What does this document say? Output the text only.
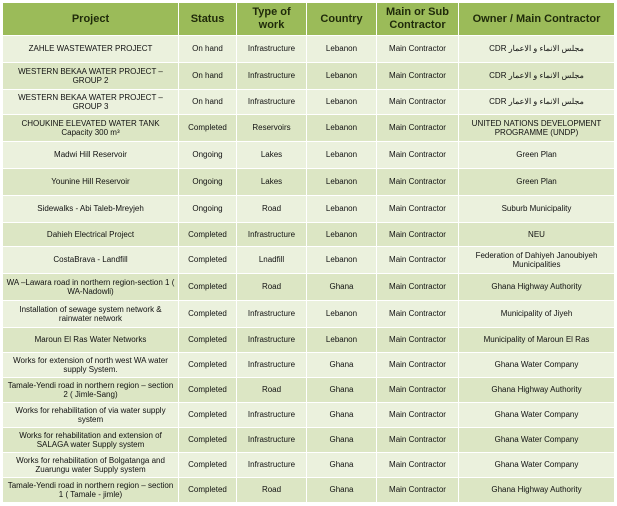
Project	Status	Type of work	Country	Main or Sub Contractor	Owner / Main Contractor
ZAHLE WASTEWATER PROJECT	On hand	Infrastructure	Lebanon	Main Contractor	CDR مجلس الانماء و الاعمار
WESTERN BEKAA WATER PROJECT – GROUP 2	On hand	Infrastructure	Lebanon	Main Contractor	CDR مجلس الانماء و الاعمار
WESTERN BEKAA WATER PROJECT – GROUP 3	On hand	Infrastructure	Lebanon	Main Contractor	CDR مجلس الانماء و الاعمار
CHOUKINE ELEVATED WATER TANK Capacity 300 m³	Completed	Reservoirs	Lebanon	Main Contractor	UNITED NATIONS DEVELOPMENT PROGRAMME (UNDP)
Madwi Hill Reservoir	Ongoing	Lakes	Lebanon	Main Contractor	Green Plan
Younine Hill Reservoir	Ongoing	Lakes	Lebanon	Main Contractor	Green Plan
Sidewalks - Abi Taleb-Mreyjeh	Ongoing	Road	Lebanon	Main Contractor	Suburb Municipality
Dahieh Electrical Project	Completed	Infrastructure	Lebanon	Main Contractor	NEU
CostaBrava - Landfill	Completed	Lnadfill	Lebanon	Main Contractor	Federation of Dahiyeh Janoubiyeh Municipalities
WA –Lawara road in northern region-section 1 ( WA-Nadowli)	Completed	Road	Ghana	Main Contractor	Ghana Highway Authority
Installation of sewage system network & rainwater network	Completed	Infrastructure	Lebanon	Main Contractor	Municipality of Jiyeh
Maroun El Ras Water Networks	Completed	Infrastructure	Lebanon	Main Contractor	Municipality of Maroun El Ras
Works for extension of north west WA water supply System.	Completed	Infrastructure	Ghana	Main Contractor	Ghana Water Company
Tamale-Yendi road in northern region – section 2 ( Jimle-Sang)	Completed	Road	Ghana	Main Contractor	Ghana Highway Authority
Works for rehabilitation of via water supply system	Completed	Infrastructure	Ghana	Main Contractor	Ghana Water Company
Works for rehabilitation and extension of SALAGA water Supply system	Completed	Infrastructure	Ghana	Main Contractor	Ghana Water Company
Works for rehabilitation of Bolgatanga and Zuarungu water Supply system	Completed	Infrastructure	Ghana	Main Contractor	Ghana Water Company
Tamale-Yendi road in northern region – section 1 ( Tamale - jimle)	Completed	Road	Ghana	Main Contractor	Ghana Highway Authority
